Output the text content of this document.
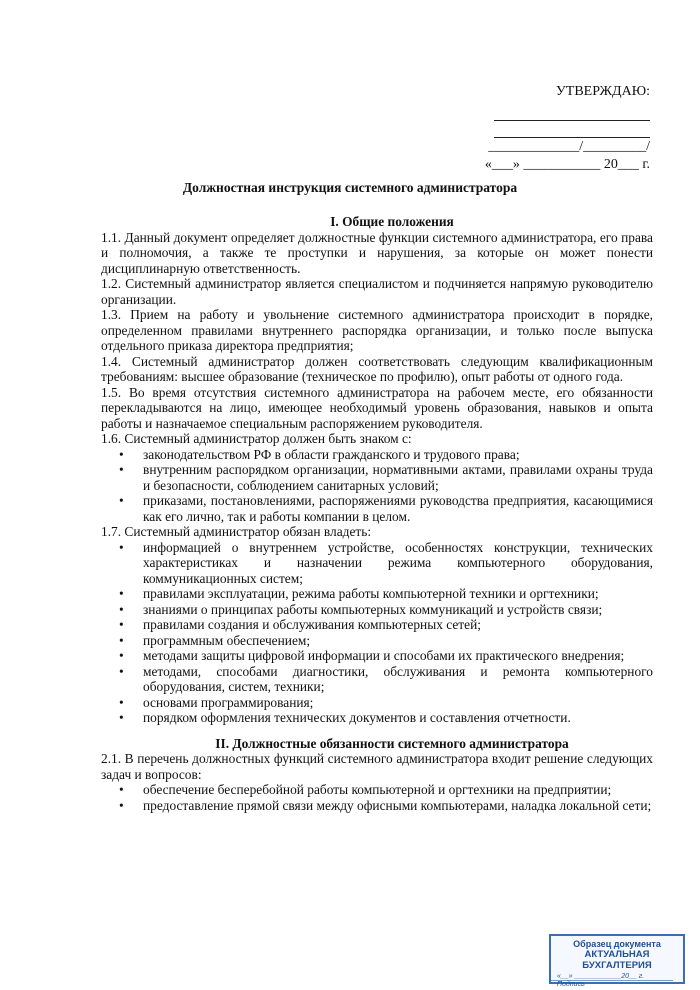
УТВЕРЖДАЮ:
_____________/_________/
«___» ___________ 20___ г.
Должностная инструкция системного администратора
I. Общие положения
1.1. Данный документ определяет должностные функции системного администратора, его права и полномочия, а также те проступки и нарушения, за которые он может понести дисциплинарную ответственность.
1.2. Системный администратор является специалистом и подчиняется напрямую руководителю организации.
1.3. Прием на работу и увольнение системного администратора происходит в порядке, определенном правилами внутреннего распорядка организации, и только после выпуска отдельного приказа директора предприятия;
1.4. Системный администратор должен соответствовать следующим квалификационным требованиям: высшее образование (техническое по профилю), опыт работы от одного года.
1.5. Во время отсутствия системного администратора на рабочем месте, его обязанности перекладываются на лицо, имеющее необходимый уровень образования, навыков и опыта работы и назначаемое специальным распоряжением руководителя.
1.6. Системный администратор должен быть знаком с:
• законодательством РФ в области гражданского и трудового права;
• внутренним распорядком организации, нормативными актами, правилами охраны труда и безопасности, соблюдением санитарных условий;
• приказами, постановлениями, распоряжениями руководства предприятия, касающимися как его лично, так и работы компании в целом.
1.7. Системный администратор обязан владеть:
• информацией о внутреннем устройстве, особенностях конструкции, технических характеристиках и назначении режима компьютерного оборудования, коммуникационных систем;
• правилами эксплуатации, режима работы компьютерной техники и оргтехники;
• знаниями о принципах работы компьютерных коммуникаций и устройств связи;
• правилами создания и обслуживания компьютерных сетей;
• программным обеспечением;
• методами защиты цифровой информации и способами их практического внедрения;
• методами, способами диагностики, обслуживания и ремонта компьютерного оборудования, систем, техники;
• основами программирования;
• порядком оформления технических документов и составления отчетности.
II. Должностные обязанности системного администратора
2.1. В перечень должностных функций системного администратора входит решение следующих задач и вопросов:
• обеспечение бесперебойной работы компьютерной и оргтехники на предприятии;
• предоставление прямой связи между офисными компьютерами, наладка локальной сети;
Образец документа
АКТУАЛЬНАЯ БУХГАЛТЕРИЯ
«__» ____________20__ г.
Подпись
